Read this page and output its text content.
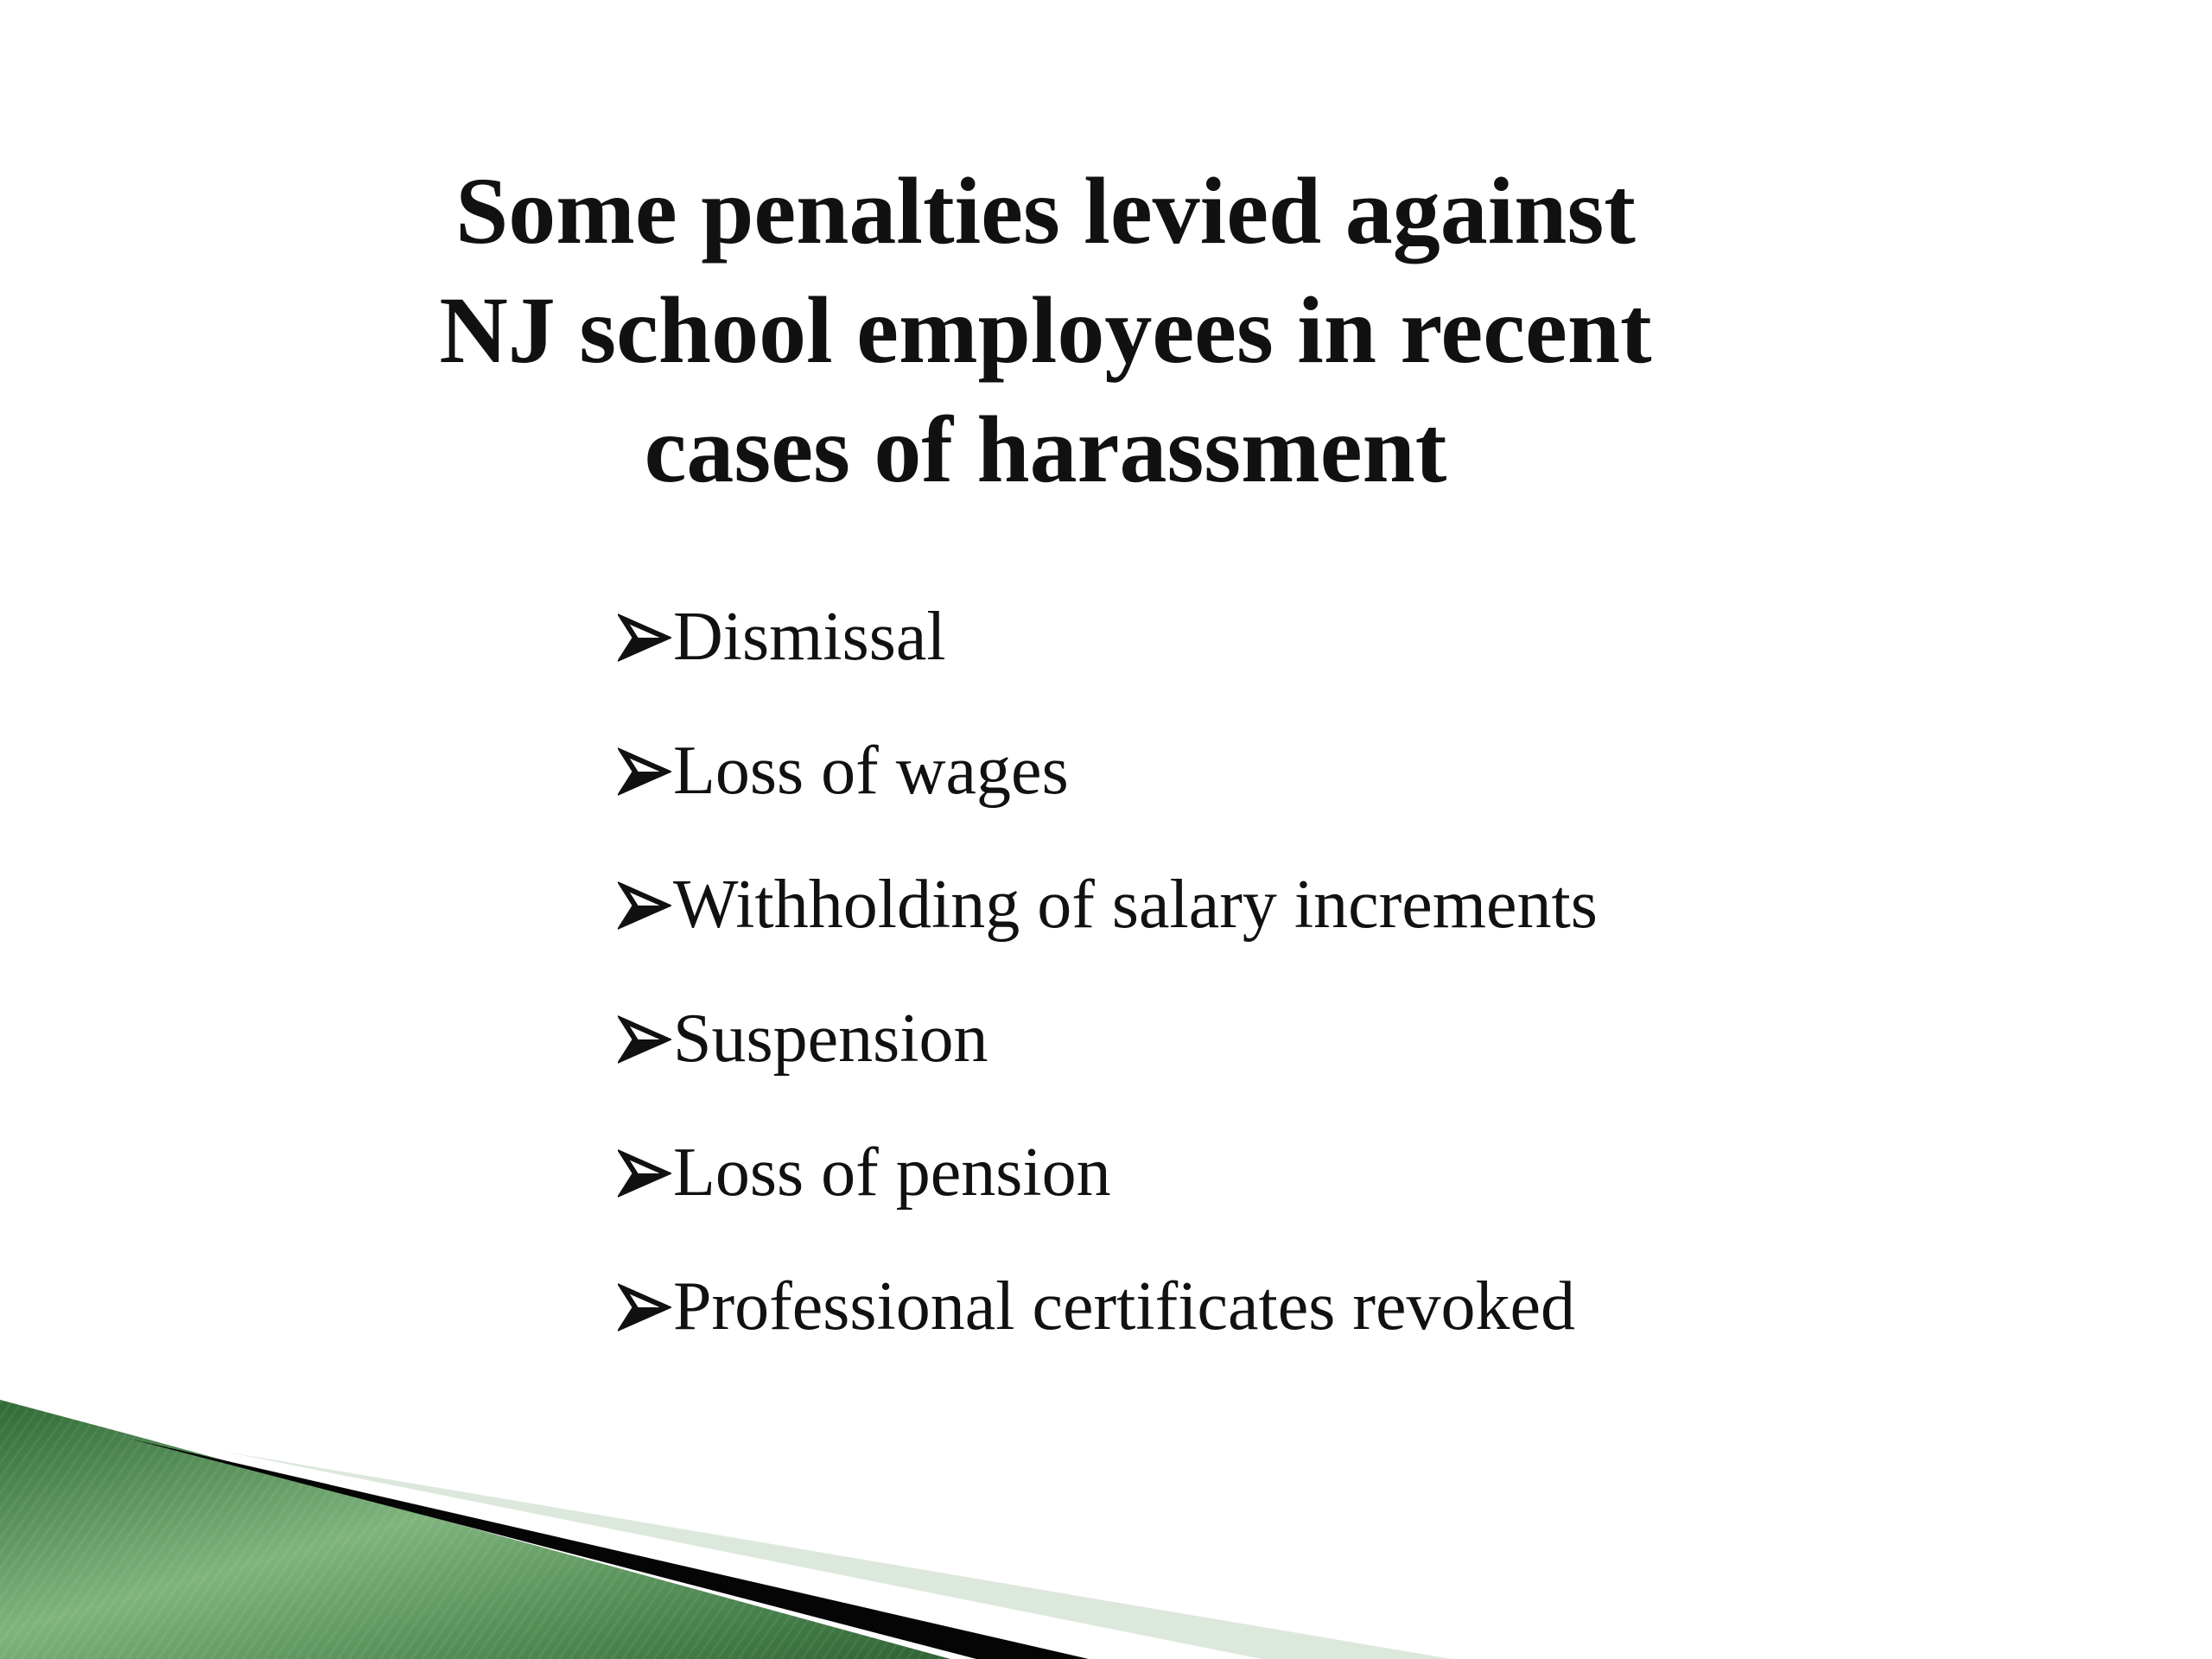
Some penalties levied against
NJ school employees in recent
cases of harassment
Dismissal
Loss of wages
Withholding of salary increments
Suspension
Loss of pension
Professional certificates revoked
